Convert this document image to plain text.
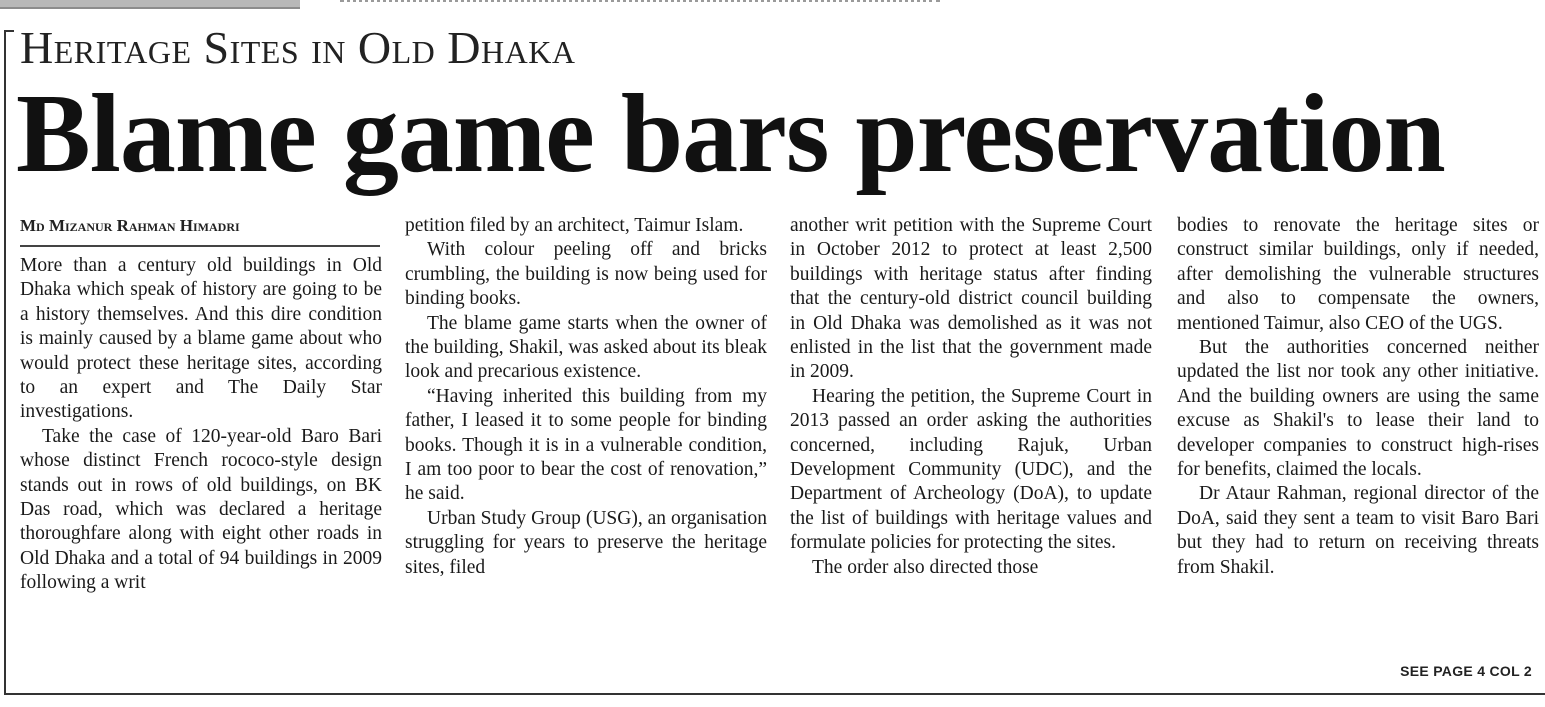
Heritage Sites in Old Dhaka
Blame game bars preservation
Md Mizanur Rahman Himadri

More than a century old buildings in Old Dhaka which speak of history are going to be a history themselves. And this dire condition is mainly caused by a blame game about who would protect these heritage sites, according to an expert and The Daily Star investigations.

Take the case of 120-year-old Baro Bari whose distinct French rococo-style design stands out in rows of old buildings, on BK Das road, which was declared a heritage thoroughfare along with eight other roads in Old Dhaka and a total of 94 buildings in 2009 following a writ

petition filed by an architect, Taimur Islam.

With colour peeling off and bricks crumbling, the building is now being used for binding books.

The blame game starts when the owner of the building, Shakil, was asked about its bleak look and precarious existence.

“Having inherited this building from my father, I leased it to some people for binding books. Though it is in a vulnerable condition, I am too poor to bear the cost of renovation,” he said.

Urban Study Group (USG), an organisation struggling for years to preserve the heritage sites, filed

another writ petition with the Supreme Court in October 2012 to protect at least 2,500 buildings with heritage status after finding that the century-old district council building in Old Dhaka was demolished as it was not enlisted in the list that the government made in 2009.

Hearing the petition, the Supreme Court in 2013 passed an order asking the authorities concerned, including Rajuk, Urban Development Community (UDC), and the Department of Archeology (DoA), to update the list of buildings with heritage values and formulate policies for protecting the sites.

The order also directed those

bodies to renovate the heritage sites or construct similar buildings, only if needed, after demolishing the vulnerable structures and also to compensate the owners, mentioned Taimur, also CEO of the UGS.

But the authorities concerned neither updated the list nor took any other initiative. And the building owners are using the same excuse as Shakil's to lease their land to developer companies to construct high-rises for benefits, claimed the locals.

Dr Ataur Rahman, regional director of the DoA, said they sent a team to visit Baro Bari but they had to return on receiving threats from Shakil.

SEE PAGE 4 COL 2
